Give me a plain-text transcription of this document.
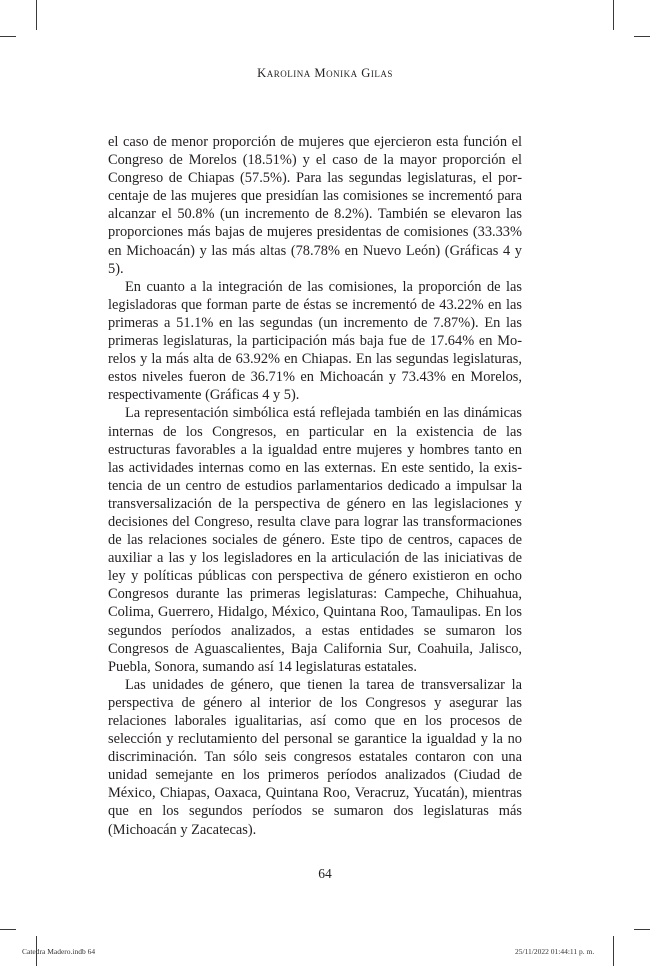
Karolina Monika Gilas

el caso de menor proporción de mujeres que ejercieron esta función el Congreso de Morelos (18.51%) y el caso de la mayor proporción el Congreso de Chiapas (57.5%). Para las segundas legislaturas, el porcentaje de las mujeres que presidían las comisiones se incrementó para alcanzar el 50.8% (un incremento de 8.2%). También se elevaron las proporciones más bajas de mujeres presidentas de comisiones (33.33% en Michoacán) y las más altas (78.78% en Nuevo León) (Gráficas 4 y 5).

En cuanto a la integración de las comisiones, la proporción de las legisladoras que forman parte de éstas se incrementó de 43.22% en las primeras a 51.1% en las segundas (un incremento de 7.87%). En las primeras legislaturas, la participación más baja fue de 17.64% en Morelos y la más alta de 63.92% en Chiapas. En las segundas legislaturas, estos niveles fueron de 36.71% en Michoacán y 73.43% en Morelos, respectivamente (Gráficas 4 y 5).

La representación simbólica está reflejada también en las dinámicas internas de los Congresos, en particular en la existencia de las estructuras favorables a la igualdad entre mujeres y hombres tanto en las actividades internas como en las externas. En este sentido, la existencia de un centro de estudios parlamentarios dedicado a impulsar la transversalización de la perspectiva de género en las legislaciones y decisiones del Congreso, resulta clave para lograr las transformaciones de las relaciones sociales de género. Este tipo de centros, capaces de auxiliar a las y los legisladores en la articulación de las iniciativas de ley y políticas públicas con perspectiva de género existieron en ocho Congresos durante las primeras legislaturas: Campeche, Chihuahua, Colima, Guerrero, Hidalgo, México, Quintana Roo, Tamaulipas. En los segundos períodos analizados, a estas entidades se sumaron los Congresos de Aguascalientes, Baja California Sur, Coahuila, Jalisco, Puebla, Sonora, sumando así 14 legislaturas estatales.

Las unidades de género, que tienen la tarea de transversalizar la perspectiva de género al interior de los Congresos y asegurar las relaciones laborales igualitarias, así como que en los procesos de selección y reclutamiento del personal se garantice la igualdad y la no discriminación. Tan sólo seis congresos estatales contaron con una unidad semejante en los primeros períodos analizados (Ciudad de México, Chiapas, Oaxaca, Quintana Roo, Veracruz, Yucatán), mientras que en los segundos períodos se sumaron dos legislaturas más (Michoacán y Zacatecas).

64
Catedra Madero.indb 64	25/11/2022 01:44:11 p. m.
